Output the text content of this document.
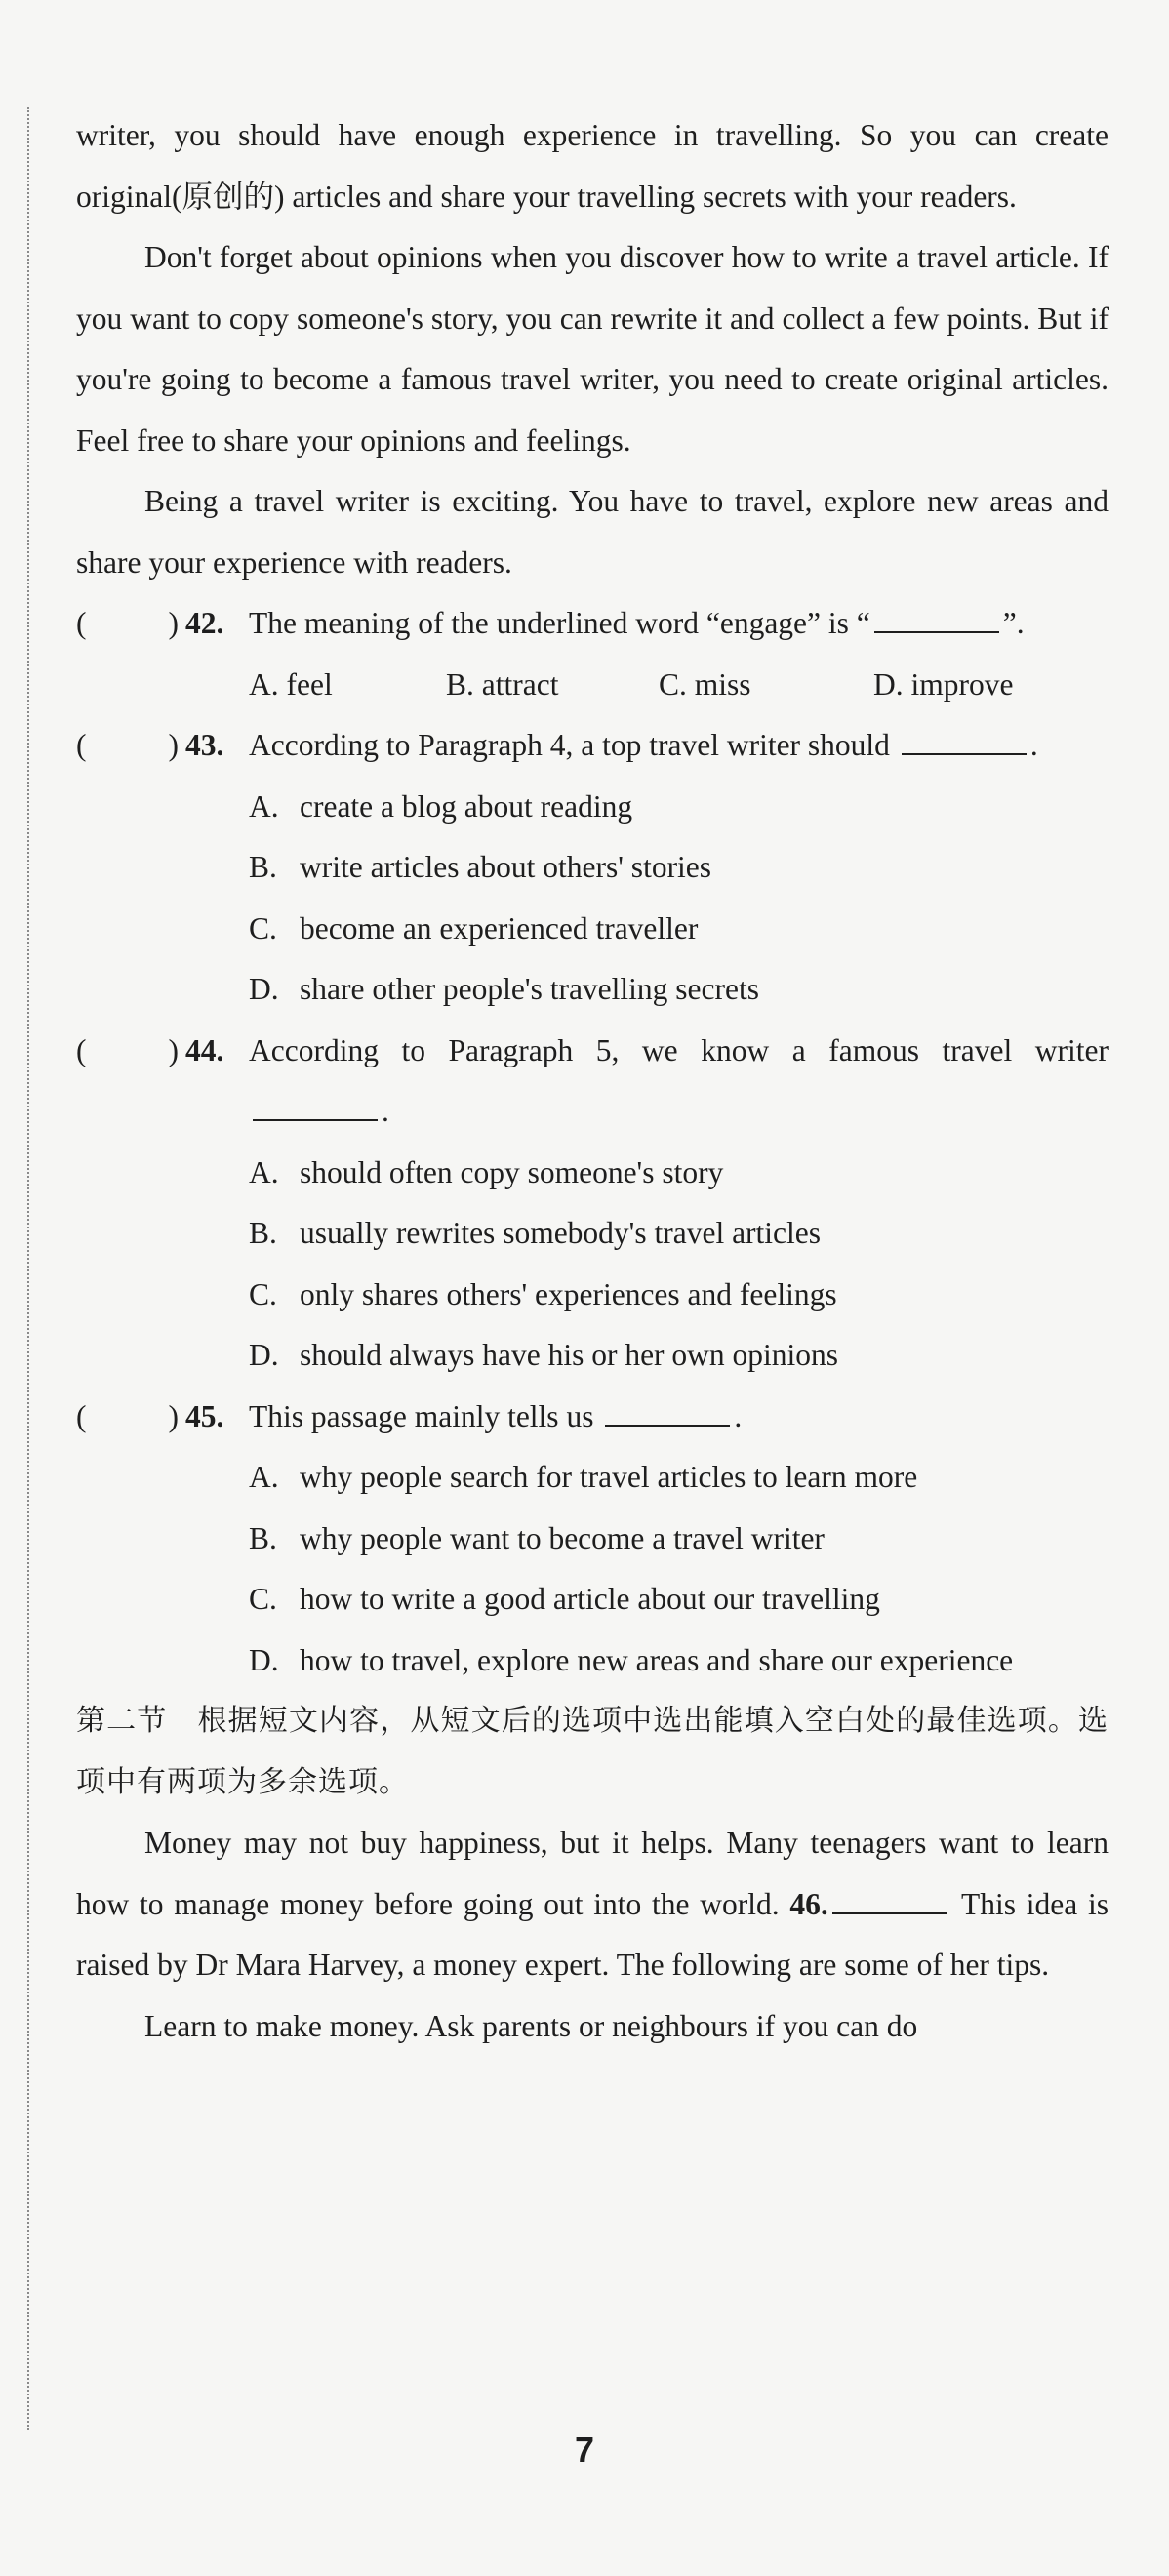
writer, you should have enough experience in travelling. So you can create original(原创的) articles and share your travelling secrets with your readers.

Don't forget about opinions when you discover how to write a travel article. If you want to copy someone's story, you can rewrite it and collect a few points. But if you're going to become a famous travel writer, you need to create original articles. Feel free to share your opinions and feelings.

Being a travel writer is exciting. You have to travel, explore new areas and share your experience with readers.

(	) 42. The meaning of the underlined word “engage” is “	”.
A. feel	B. attract	C. miss	D. improve
(	) 43. According to Paragraph 4, a top travel writer should	.
A. create a blog about reading
B. write articles about others' stories
C. become an experienced traveller
D. share other people's travelling secrets
(	) 44. According to Paragraph 5, we know a famous travel writer .
A. should often copy someone's story
B. usually rewrites somebody's travel articles
C. only shares others' experiences and feelings
D. should always have his or her own opinions
(	) 45. This passage mainly tells us	.
A. why people search for travel articles to learn more
B. why people want to become a travel writer
C. how to write a good article about our travelling
D. how to travel, explore new areas and share our experience

第二节　根据短文内容，从短文后的选项中选出能填入空白处的最佳选项。选项中有两项为多余选项。

Money may not buy happiness, but it helps. Many teenagers want to learn how to manage money before going out into the world. 46.	This idea is raised by Dr Mara Harvey, a money expert. The following are some of her tips.

Learn to make money. Ask parents or neighbours if you can do

7
